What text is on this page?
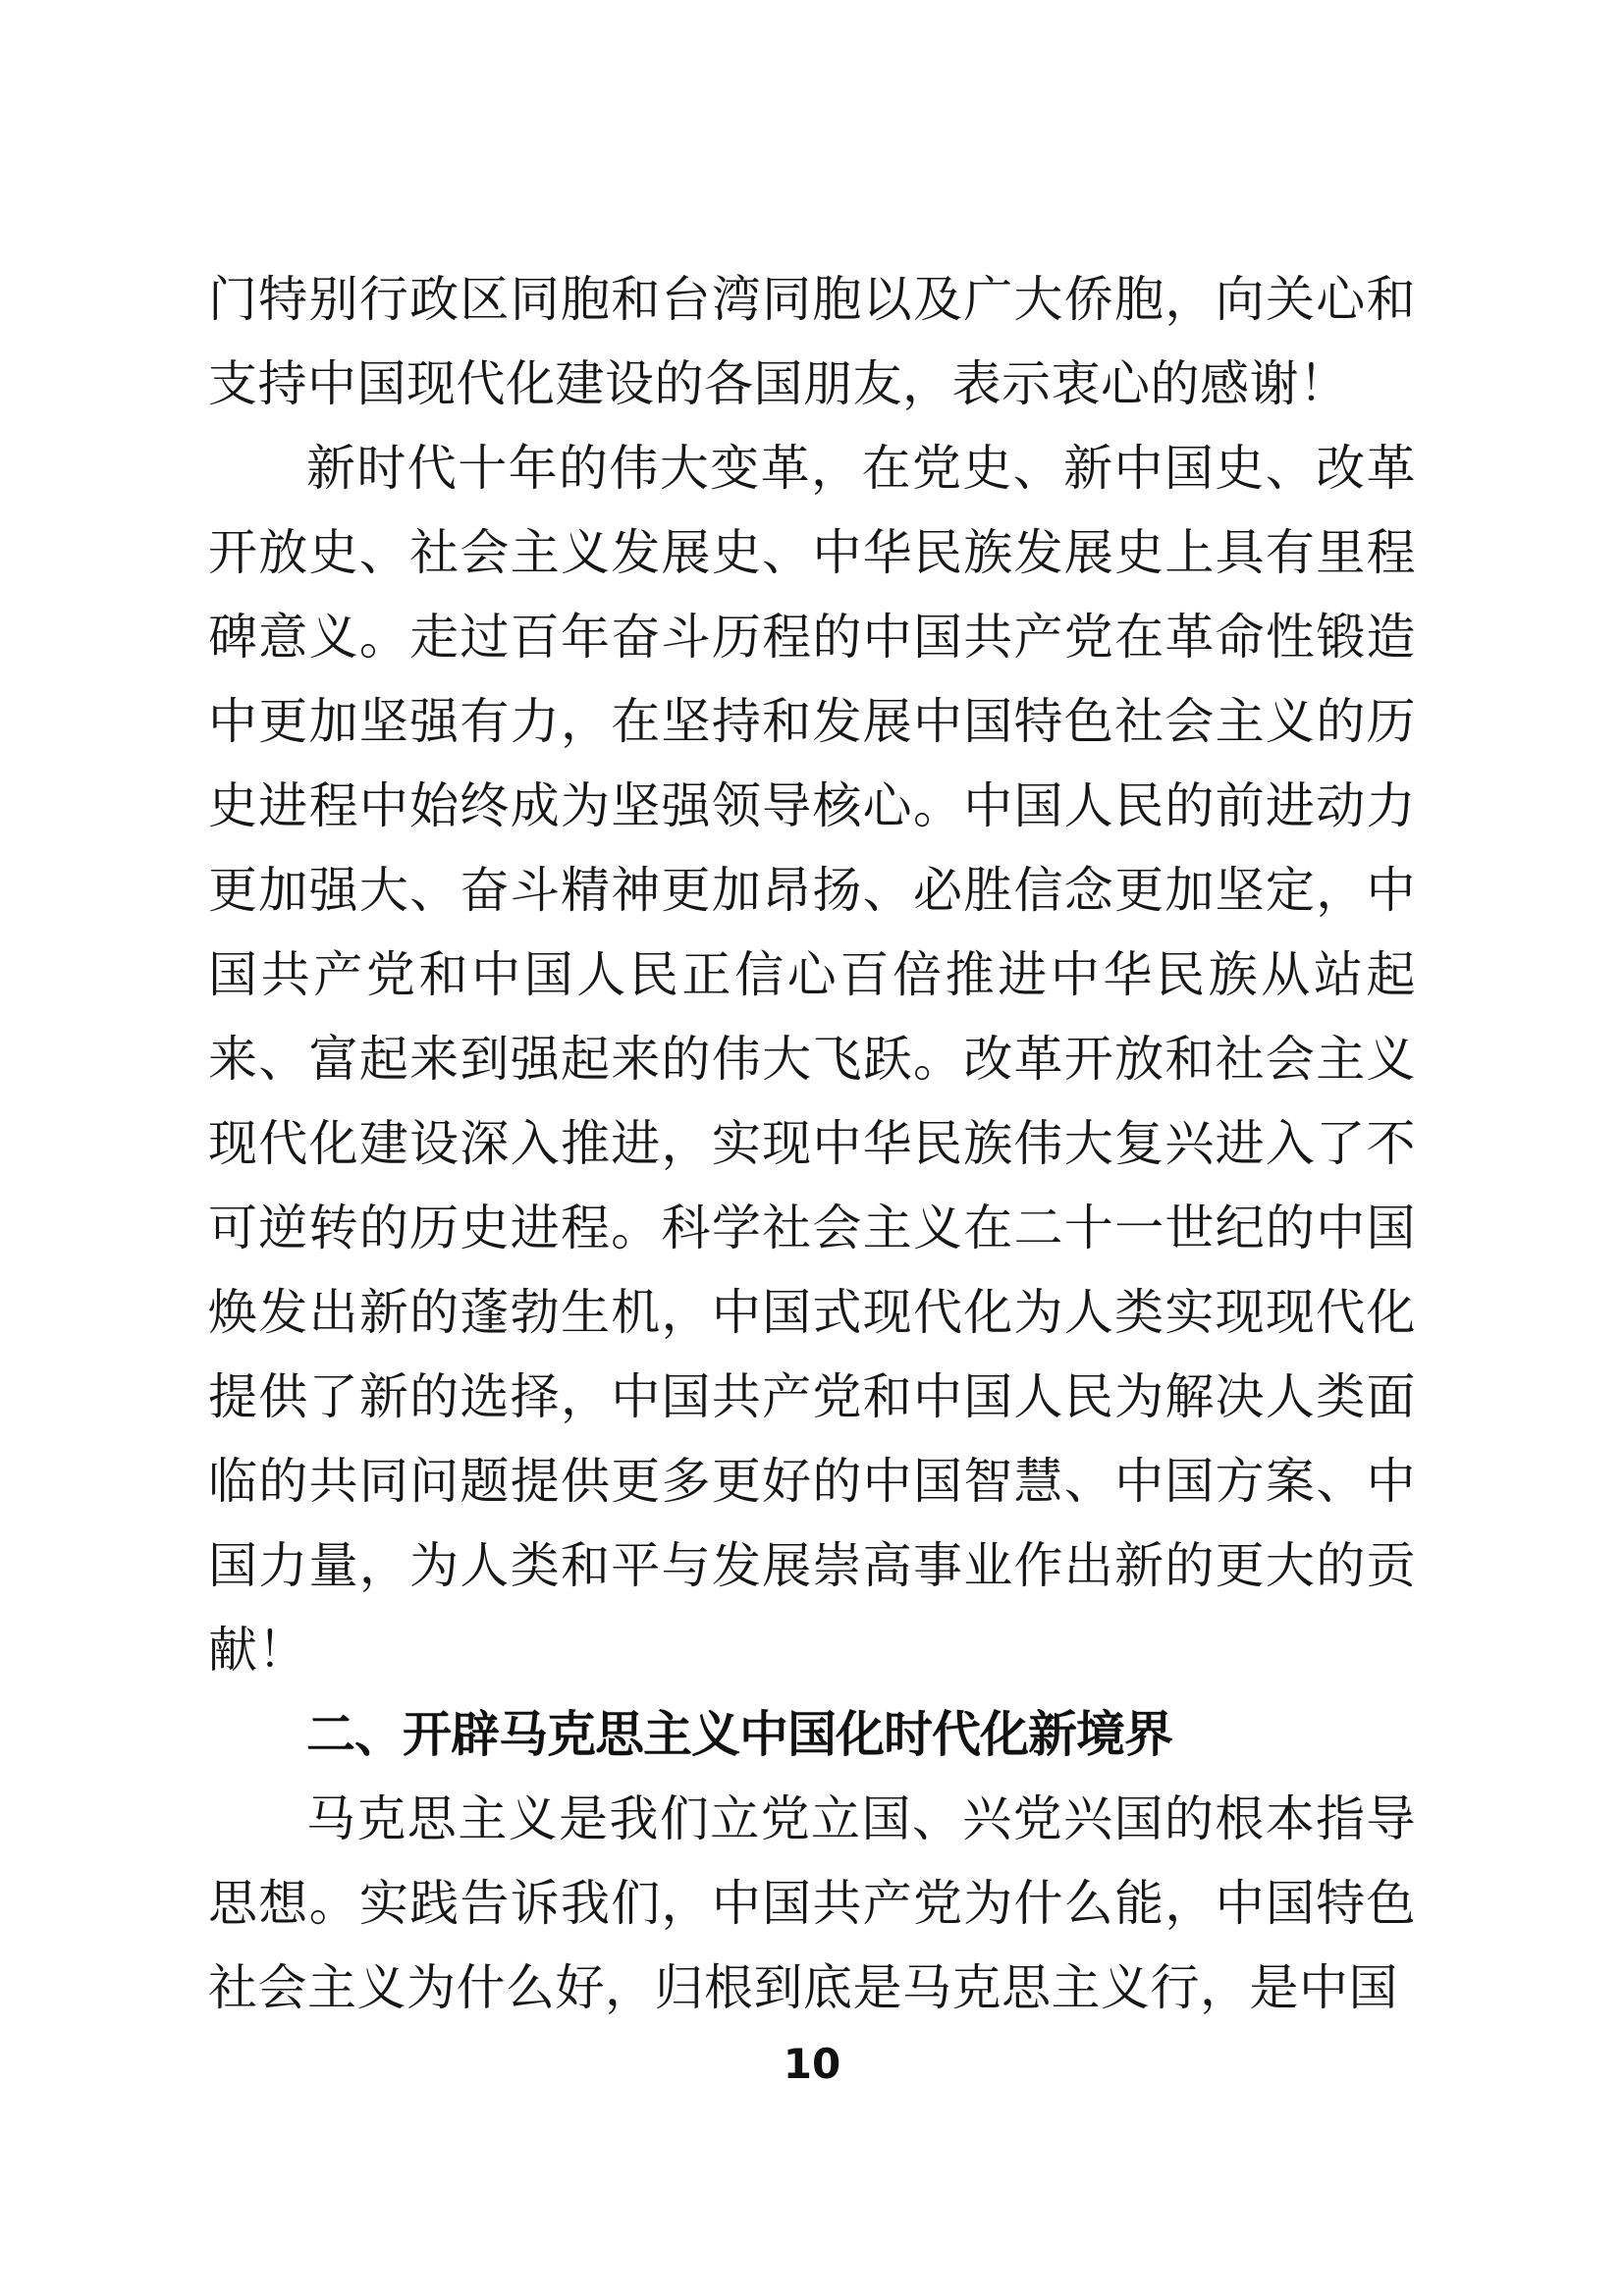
门特别行政区同胞和台湾同胞以及广大侨胞，向关心和支持中国现代化建设的各国朋友，表示衷心的感谢！

新时代十年的伟大变革，在党史、新中国史、改革开放史、社会主义发展史、中华民族发展史上具有里程碑意义。走过百年奋斗历程的中国共产党在革命性锻造中更加坚强有力，在坚持和发展中国特色社会主义的历史进程中始终成为坚强领导核心。中国人民的前进动力更加强大、奋斗精神更加昂扬、必胜信念更加坚定，中国共产党和中国人民正信心百倍推进中华民族从站起来、富起来到强起来的伟大飞跃。改革开放和社会主义现代化建设深入推进，实现中华民族伟大复兴进入了不可逆转的历史进程。科学社会主义在二十一世纪的中国焕发出新的蓬勃生机，中国式现代化为人类实现现代化提供了新的选择，中国共产党和中国人民为解决人类面临的共同问题提供更多更好的中国智慧、中国方案、中国力量，为人类和平与发展崇高事业作出新的更大的贡献！

二、开辟马克思主义中国化时代化新境界

马克思主义是我们立党立国、兴党兴国的根本指导思想。实践告诉我们，中国共产党为什么能，中国特色社会主义为什么好，归根到底是马克思主义行，是中国

10
